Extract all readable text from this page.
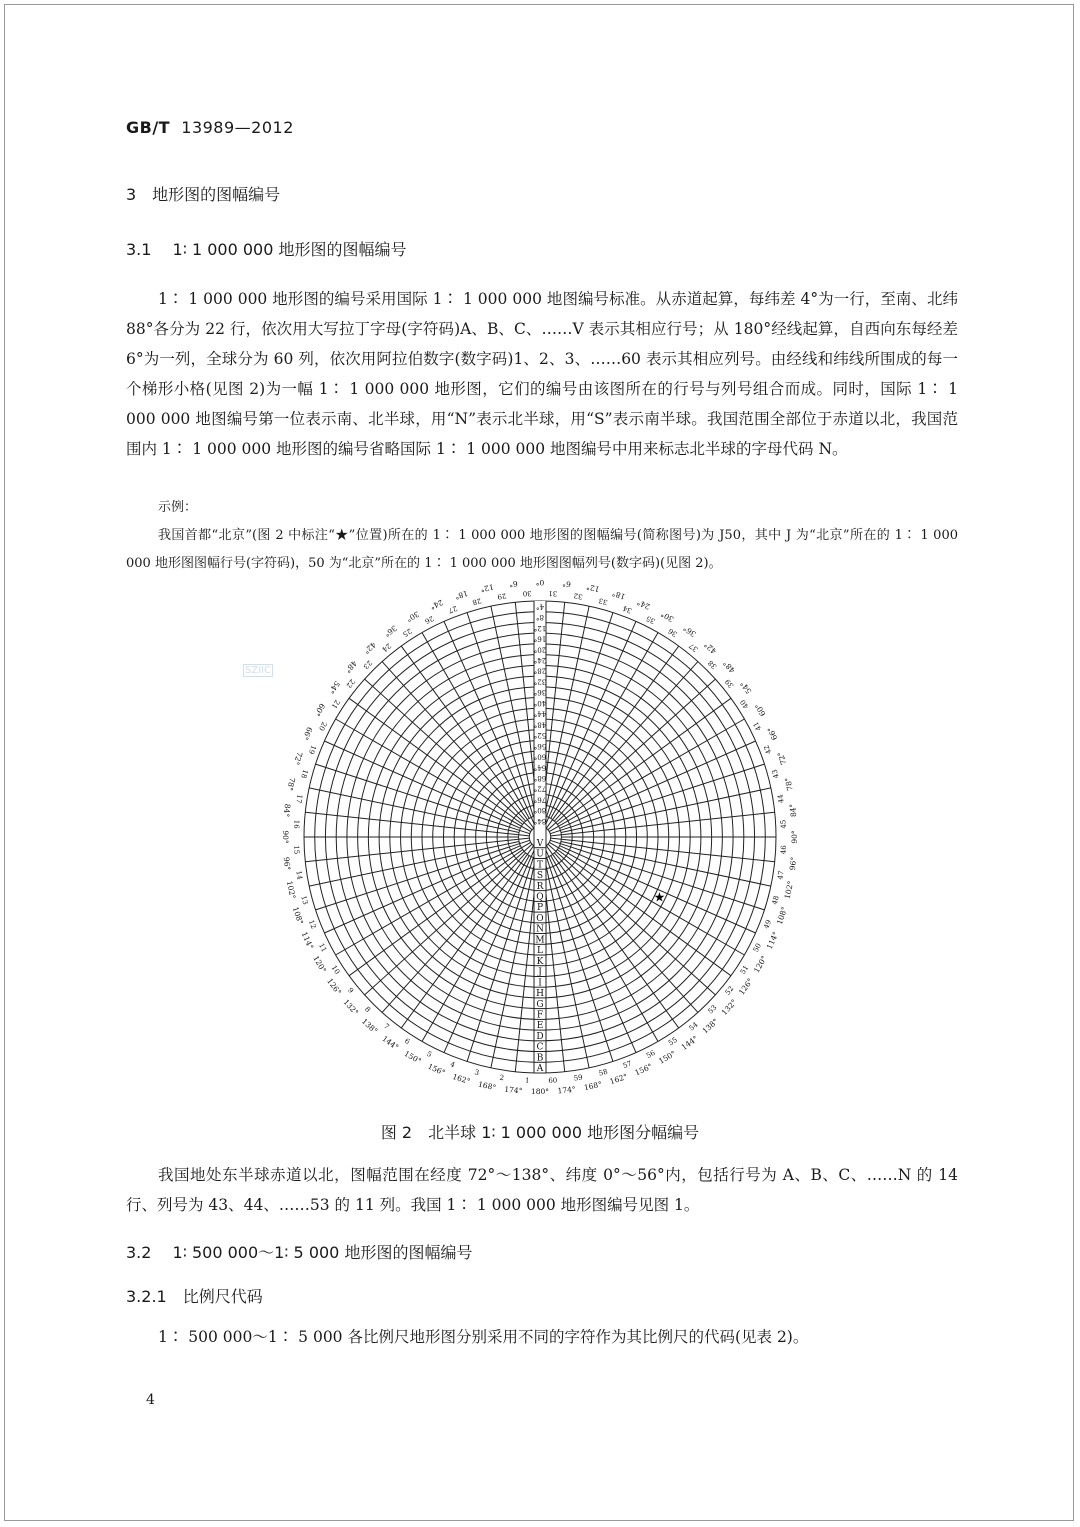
GB/T 13989—2012
3　地形图的图幅编号
3.1　 1∶ 1 000 000 地形图的图幅编号

1∶ 1 000 000 地形图的编号采用国际 1∶ 1 000 000 地图编号标准。从赤道起算，每纬差 4°为一行，至南、北纬 88°各分为 22 行，依次用大写拉丁字母(字符码)A、B、C、……V 表示其相应行号；从 180°经线起算，自西向东每经差 6°为一列，全球分为 60 列，依次用阿拉伯数字(数字码)1、2、3、……60 表示其相应列号。由经线和纬线所围成的每一个梯形小格(见图 2)为一幅 1∶ 1 000 000 地形图，它们的编号由该图所在的行号与列号组合而成。同时，国际 1∶ 1 000 000 地图编号第一位表示南、北半球，用“N”表示北半球，用“S”表示南半球。我国范围全部位于赤道以北，我国范围内 1∶ 1 000 000 地形图的编号省略国际 1∶ 1 000 000 地图编号中用来标志北半球的字母代码 N。

示例：

我国首都“北京”(图 2 中标注“★”位置)所在的 1∶ 1 000 000 地形图的图幅编号(简称图号)为 J50，其中 J 为“北京”所在的 1∶ 1 000 000 地形图图幅行号(字符码)，50 为“北京”所在的 1∶ 1 000 000 地形图图幅列号(数字码)(见图 2)。

SZIIC
A
B
C
D
E
F
G
H
I
J
K
L
M
N
O
P
Q
R
S
T
U
V
84°
80°
76°
72°
68°
64°
60°
56°
52°
48°
44°
40°
36°
32°
28°
24°
20°
16°
12°
8°
4°
180°
1
174°
2
168°
3
162°
4
156°
5
150°
6
144°
7
138°
8
132°
9
126°
10
120°
11
114°
12
108°
13
102°
14
96°
15
90°
16
84°
17
78°
18
72°
19
66° 20
60° 21
54° 22
48° 23
42° 24
36° 25
30° 26
24° 27
18° 28
12°
29
6°
30
0°
31
6°
32
12°
33 18°
34 24°
35 30°
36 36°
37 42°
38 48°
39 54°
40 60°
41 66°
42
72°
43
78°
44
84°
45
90°
46
96°
47
102°
48
108°
49
114°
50
120°
51
126°
52
132°
53
138°
54
144°
55
150°
56
156°
57
162°
58
168°
59
174°
60
★
图 2　北半球 1∶ 1 000 000 地形图分幅编号

我国地处东半球赤道以北，图幅范围在经度 72°～138°、纬度 0°～56°内，包括行号为 A、B、C、……N 的 14 行、列号为 43、44、……53 的 11 列。我国 1∶ 1 000 000 地形图编号见图 1。

3.2　 1∶ 500 000～1∶ 5 000 地形图的图幅编号
3.2.1　比例尺代码

1∶ 500 000～1∶ 5 000 各比例尺地形图分别采用不同的字符作为其比例尺的代码(见表 2)。

4
